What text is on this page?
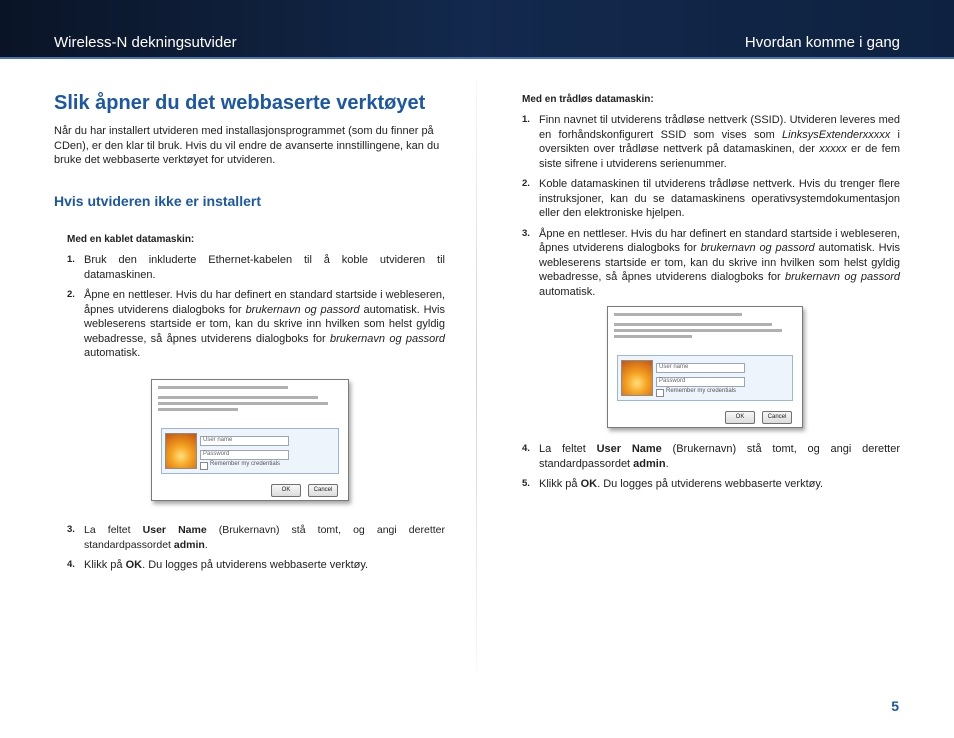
Wireless-N dekningsutvider	Hvordan komme i gang
Slik åpner du det webbaserte verktøyet
Når du har installert utvideren med installasjonsprogrammet (som du finner på CDen), er den klar til bruk. Hvis du vil endre de avanserte innstillingene, kan du bruke det webbaserte verktøyet for utvideren.
Hvis utvideren ikke er installert
Med en kablet datamaskin:
1. Bruk den inkluderte Ethernet-kabelen til å koble utvideren til datamaskinen.
2. Åpne en nettleser. Hvis du har definert en standard startside i webleseren, åpnes utviderens dialogboks for brukernavn og passord automatisk. Hvis webleserens startside er tom, kan du skrive inn hvilken som helst gyldig webadresse, så åpnes utviderens dialogboks for brukernavn og passord automatisk.
User name
Password
Remember my credentials
OK	Cancel
3. La feltet User Name (Brukernavn) stå tomt, og angi deretter standardpassordet admin.
4. Klikk på OK. Du logges på utviderens webbaserte verktøy.
Med en trådløs datamaskin:
1. Finn navnet til utviderens trådløse nettverk (SSID). Utvideren leveres med en forhåndskonfigurert SSID som vises som LinksysExtenderxxxxx i oversikten over trådløse nettverk på datamaskinen, der xxxxx er de fem siste sifrene i utviderens serienummer.
2. Koble datamaskinen til utviderens trådløse nettverk. Hvis du trenger flere instruksjoner, kan du se datamaskinens operativsystemdokumentasjon eller den elektroniske hjelpen.
3. Åpne en nettleser. Hvis du har definert en standard startside i webleseren, åpnes utviderens dialogboks for brukernavn og passord automatisk. Hvis webleserens startside er tom, kan du skrive inn hvilken som helst gyldig webadresse, så åpnes utviderens dialogboks for brukernavn og passord automatisk.
User name
Password
Remember my credentials
OK	Cancel
4. La feltet User Name (Brukernavn) stå tomt, og angi deretter standardpassordet admin.
5. Klikk på OK. Du logges på utviderens webbaserte verktøy.
5
